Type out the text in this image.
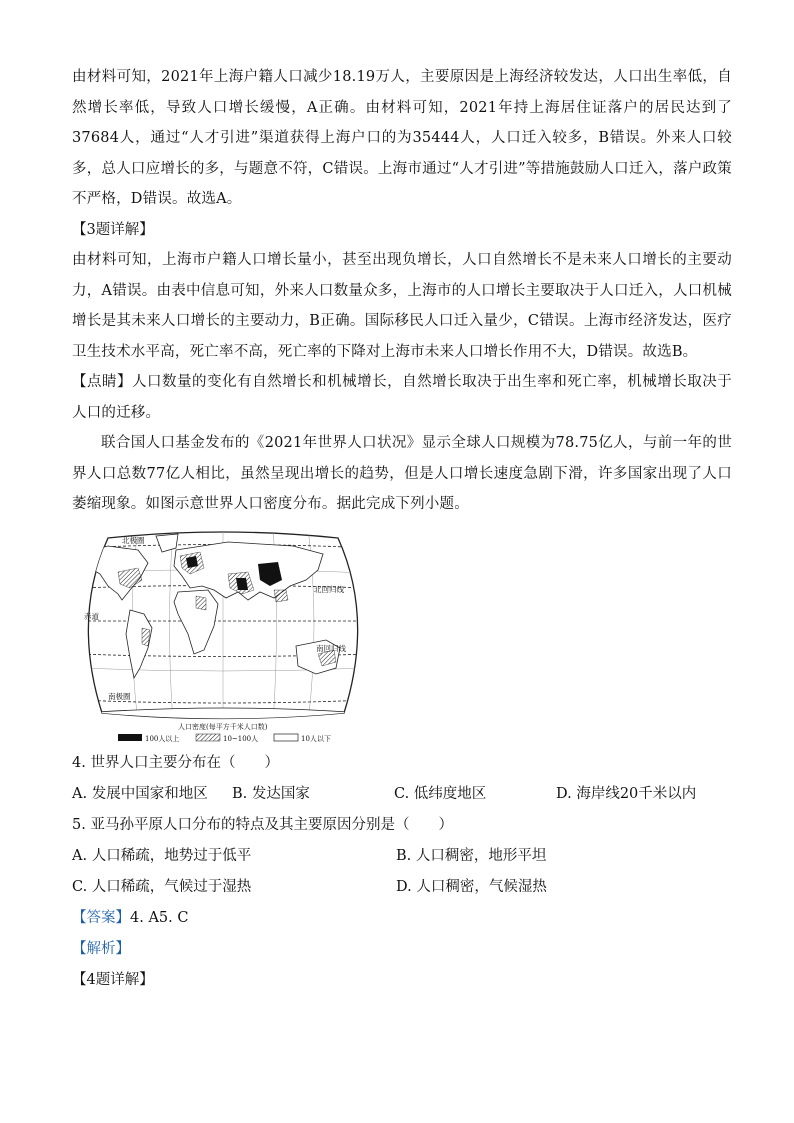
由材料可知，2021年上海户籍人口减少18.19万人，主要原因是上海经济较发达，人口出生率低，自然增长率低，导致人口增长缓慢，A正确。由材料可知，2021年持上海居住证落户的居民达到了37684人，通过“人才引进”渠道获得上海户口的为35444人，人口迁入较多，B错误。外来人口较多，总人口应增长的多，与题意不符，C错误。上海市通过“人才引进”等措施鼓励人口迁入，落户政策不严格，D错误。故选A。

【3题详解】

由材料可知，上海市户籍人口增长量小，甚至出现负增长，人口自然增长不是未来人口增长的主要动力，A错误。由表中信息可知，外来人口数量众多，上海市的人口增长主要取决于人口迁入，人口机械增长是其未来人口增长的主要动力，B正确。国际移民人口迁入量少，C错误。上海市经济发达，医疗卫生技术水平高，死亡率不高，死亡率的下降对上海市未来人口增长作用不大，D错误。故选B。

【点睛】人口数量的变化有自然增长和机械增长，自然增长取决于出生率和死亡率，机械增长取决于人口的迁移。

联合国人口基金发布的《2021年世界人口状况》显示全球人口规模为78.75亿人，与前一年的世界人口总数77亿人相比，虽然呈现出增长的趋势，但是人口增长速度急剧下滑，许多国家出现了人口萎缩现象。如图示意世界人口密度分布。据此完成下列小题。

北极圈
北回归线
赤道
南回归线
南极圈
人口密度(每平方千米人口数)
100人以上	10~100人	10人以下

4. 世界人口主要分布在（　　）

A. 发展中国家和地区	B. 发达国家	C. 低纬度地区	D. 海岸线20千米以内

5. 亚马孙平原人口分布的特点及其主要原因分别是（　　）

A. 人口稀疏，地势过于低平	B. 人口稠密，地形平坦
C. 人口稀疏，气候过于湿热	D. 人口稠密，气候湿热

【答案】4. A5. C

【解析】

【4题详解】
